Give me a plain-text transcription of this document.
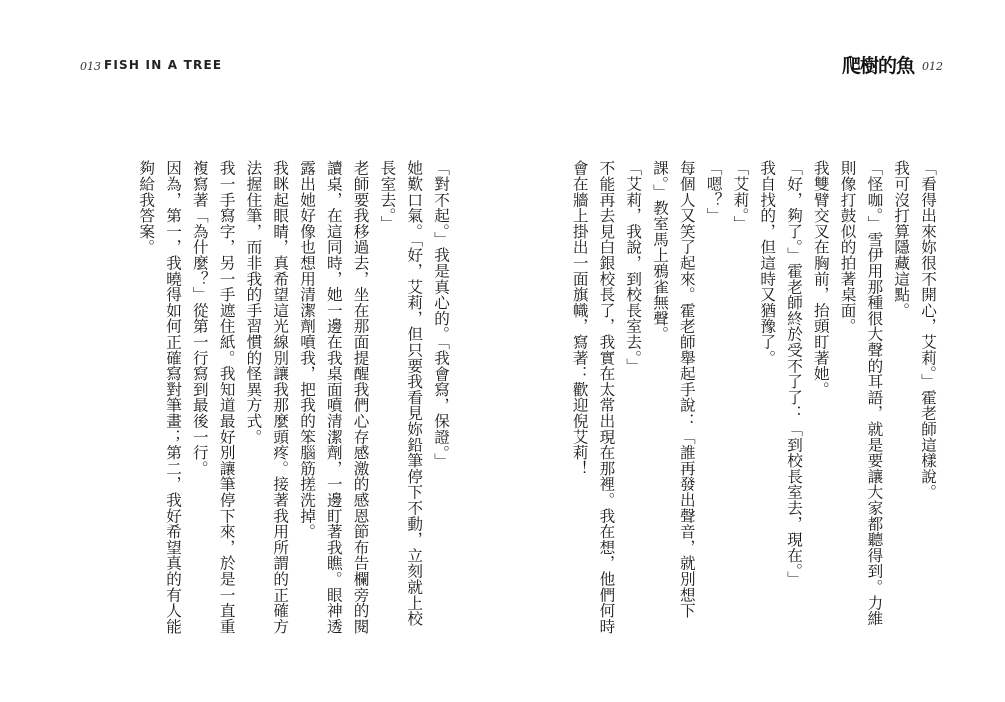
013 FISH IN A TREE
「對不起。」我是真心的。「我會寫，保證。」
她歎口氣。「好，艾莉，但只要我看見妳鉛筆停下不動，立刻就上校長室去。」
老師要我移過去，坐在那面提醒我們心存感激的感恩節布告欄旁的閱讀桌，在這同時，她一邊在我桌面噴清潔劑，一邊盯著我瞧。眼神透露出她好像也想用清潔劑噴我，把我的笨腦筋搓洗掉。
我眯起眼睛，真希望這光線別讓我那麼頭疼。接著我用所謂的正確方法握住筆，而非我的手習慣的怪異方式。
我一手寫字，另一手遮住紙。我知道最好別讓筆停下來，於是一直重複寫著「為什麼？」從第一行寫到最後一行。
因為，第一，我曉得如何正確寫對筆畫；第二，我好希望真的有人能夠給我答案。
爬樹的魚 012
「看得出來妳很不開心，艾莉。」霍老師這樣說。
我可沒打算隱藏這點。
「怪咖。」雪伊用那種很大聲的耳語，就是要讓大家都聽得到。力維則像打鼓似的拍著桌面。
我雙臂交叉在胸前，抬頭盯著她。
「好，夠了。」霍老師終於受不了了：「到校長室去，現在。」
我自找的，但這時又猶豫了。
「艾莉。」
「嗯？」
每個人又笑了起來。霍老師舉起手說：「誰再發出聲音，就別想下課。」教室馬上鴉雀無聲。
「艾莉，我說，到校長室去。」
不能再去見白銀校長了，我實在太常出現在那裡。我在想，他們何時會在牆上掛出一面旗幟，寫著：歡迎倪艾莉！
